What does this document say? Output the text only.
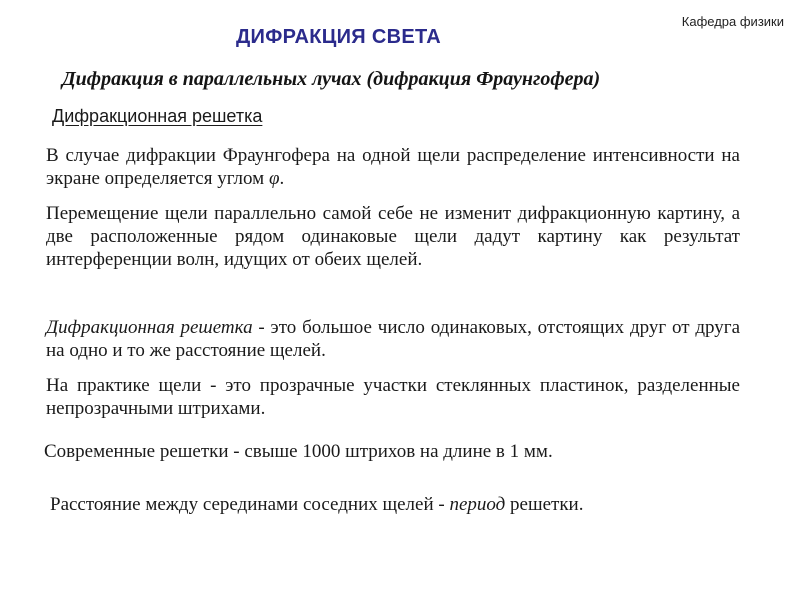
Кафедра физики
ДИФРАКЦИЯ СВЕТА
Дифракция в параллельных лучах (дифракция Фраунгофера)
Дифракционная решетка
В случае дифракции Фраунгофера на одной щели распределение интенсивности на экране определяется углом φ.
Перемещение щели параллельно самой себе не изменит дифракционную картину, а две расположенные рядом одинаковые щели дадут картину как результат интерференции волн, идущих от обеих щелей.
Дифракционная решетка - это большое число одинаковых, отстоящих друг от друга на одно и то же расстояние щелей.
На практике щели - это прозрачные участки стеклянных пластинок, разделенные непрозрачными штрихами.
Современные решетки - свыше 1000 штрихов на длине в 1 мм.
Расстояние между серединами соседних щелей - период решетки.
